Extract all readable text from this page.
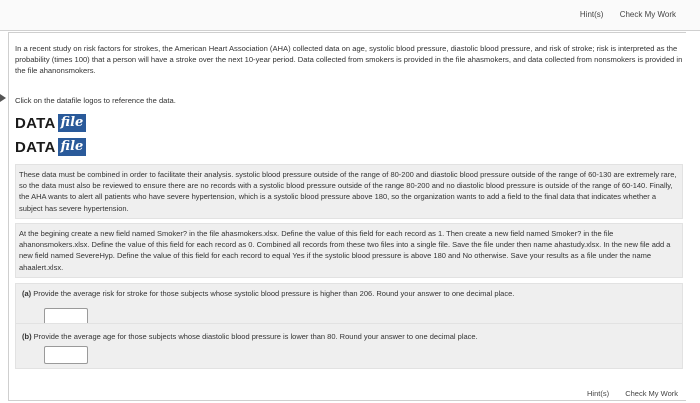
Hint(s) Check My Work
In a recent study on risk factors for strokes, the American Heart Association (AHA) collected data on age, systolic blood pressure, diastolic blood pressure, and risk of stroke; risk is interpreted as the probability (times 100) that a person will have a stroke over the next 10-year period. Data collected from smokers is provided in the file ahasmokers, and data collected from nonsmokers is provided in the file ahanonsmokers.
Click on the datafile logos to reference the data.
DATA file
DATA file

These data must be combined in order to facilitate their analysis. systolic blood pressure outside of the range of 80-200 and diastolic blood pressure outside of the range of 60-130 are extremely rare, so the data must also be reviewed to ensure there are no records with a systolic blood pressure outside of the range 80-200 and no diastolic blood pressure is outside of the range of 60-140. Finally, the AHA wants to alert all patients who have severe hypertension, which is a systolic blood pressure above 180, so the organization wants to add a field to the final data that indicates whether a subject has severe hypertension.

At the begining create a new field named Smoker? in the file ahasmokers.xlsx. Define the value of this field for each record as 1. Then create a new field named Smoker? in the file ahanonsmokers.xlsx. Define the value of this field for each record as 0. Combined all records from these two files into a single file. Save the file under then name ahastudy.xlsx. In the new file add a new field named SevereHyp. Define the value of this field for each record to equal Yes if the systolic blood pressure is above 180 and No otherwise. Save your results as a file under the name ahaalert.xlsx.

(a) Provide the average risk for stroke for those subjects whose systolic blood pressure is higher than 206. Round your answer to one decimal place.
(b) Provide the average age for those subjects whose diastolic blood pressure is lower than 80. Round your answer to one decimal place.
Hint(s) Check My Work
